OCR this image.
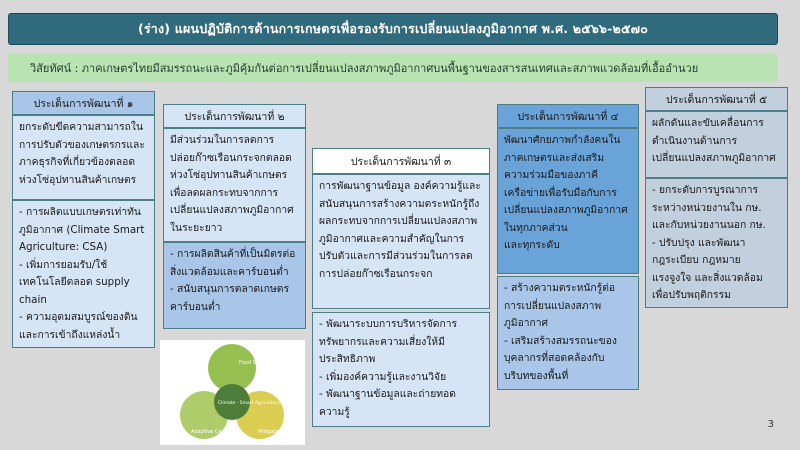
(ร่าง) แผนปฏิบัติการด้านการเกษตรเพื่อรองรับการเปลี่ยนแปลงภูมิอากาศ พ.ศ. ๒๕๖๖-๒๕๗๐
วิสัยทัศน์ : ภาคเกษตรไทยมีสมรรถนะและภูมิคุ้มกันต่อการเปลี่ยนแปลงสภาพภูมิอากาศบนพื้นฐานของสารสนเทศและสภาพแวดล้อมที่เอื้ออำนวย
ประเด็นการพัฒนาที่ ๑
ยกระดับขีดความสามารถใน
การปรับตัวของเกษตรกรและ
ภาคธุรกิจที่เกี่ยวข้องตลอด
ห่วงโซ่อุปทานสินค้าเกษตร
- การผลิตแบบเกษตรเท่าทัน
ภูมิอากาศ (Climate Smart
Agriculture: CSA)
- เพิ่มการยอมรับ/ใช้
เทคโนโลยีตลอด supply
chain
- ความอุดมสมบูรณ์ของดิน
และการเข้าถึงแหล่งน้ำ
ประเด็นการพัฒนาที่ ๒
มีส่วนร่วมในการลดการ
ปล่อยก๊าซเรือนกระจกตลอด
ห่วงโซ่อุปทานสินค้าเกษตร
เพื่อลดผลกระทบจากการ
เปลี่ยนแปลงสภาพภูมิอากาศ
ในระยะยาว
- การผลิตสินค้าที่เป็นมิตรต่อ
สิ่งแวดล้อมและคาร์บอนต่ำ
- สนับสนุนการตลาดเกษตร
คาร์บอนต่ำ
Food Security
Adaptive Capacity	Mitigation Potential
Climate - Smart Agriculture
ประเด็นการพัฒนาที่ ๓
การพัฒนาฐานข้อมูล องค์ความรู้และ
สนับสนุนการสร้างความตระหนักรู้ถึง
ผลกระทบจากการเปลี่ยนแปลงสภาพ
ภูมิอากาศและความสำคัญในการ
ปรับตัวและการมีส่วนร่วมในการลด
การปล่อยก๊าซเรือนกระจก
- พัฒนาระบบการบริหารจัดการ
ทรัพยากรและความเสี่ยงให้มี
ประสิทธิภาพ
- เพิ่มองค์ความรู้และงานวิจัย
- พัฒนาฐานข้อมูลและถ่ายทอด
ความรู้
ประเด็นการพัฒนาที่ ๔
พัฒนาศักยภาพกำลังคนใน
ภาคเกษตรและส่งเสริม
ความร่วมมือของภาคี
เครือข่ายเพื่อรับมือกับการ
เปลี่ยนแปลงสภาพภูมิอากาศ
ในทุกภาคส่วน
และทุกระดับ
- สร้างความตระหนักรู้ต่อ
การเปลี่ยนแปลงสภาพ
ภูมิอากาศ
- เสริมสร้างสมรรถนะของ
บุคลากรที่สอดคล้องกับ
บริบทของพื้นที่
ประเด็นการพัฒนาที่ ๕
ผลักดันและขับเคลื่อนการ
ดำเนินงานด้านการ
เปลี่ยนแปลงสภาพภูมิอากาศ
- ยกระดับการบูรณาการ
ระหว่างหน่วยงานใน กษ.
และกับหน่วยงานนอก กษ.
- ปรับปรุง และพัฒนา
กฎระเบียบ กฎหมาย
แรงจูงใจ และสิ่งแวดล้อม
เพื่อปรับพฤติกรรม
3
